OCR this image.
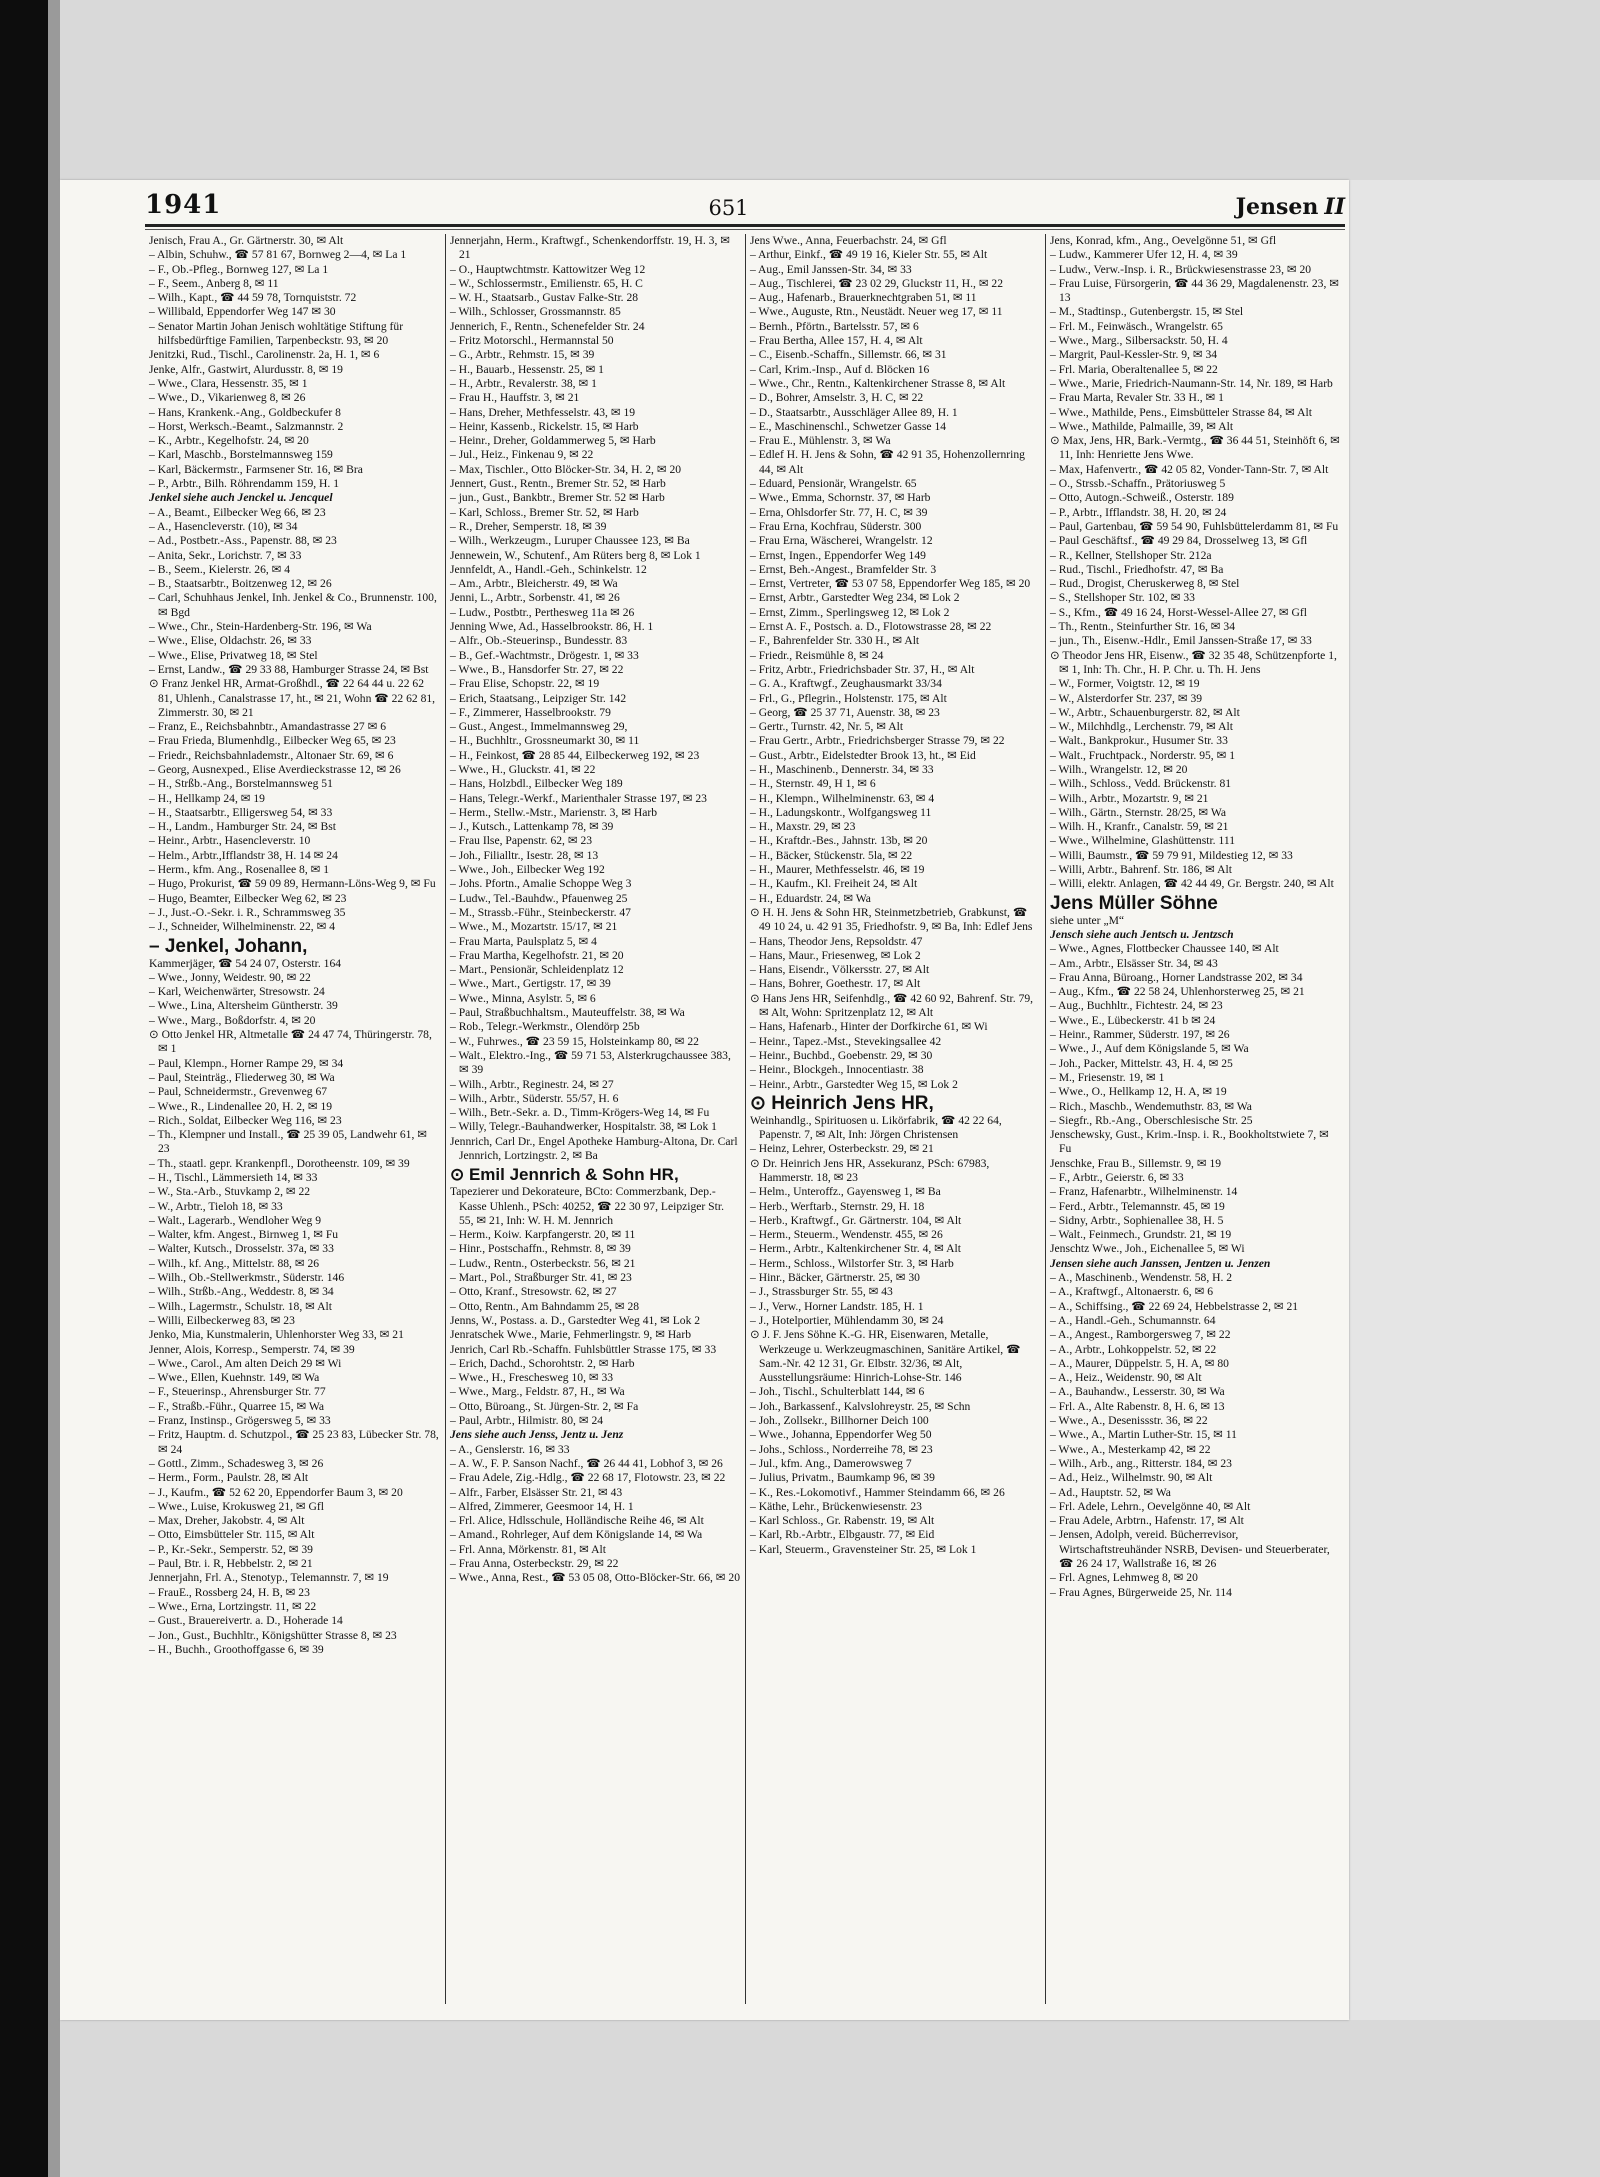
1941	651	Jensen II

Jenisch, Frau A., Gr. Gärtnerstr. 30, ✉ Alt

– Albin, Schuhw., ☎ 57 81 67, Bornweg 2—4, ✉ La 1

– F., Ob.-Pfleg., Bornweg 127, ✉ La 1

– F., Seem., Anberg 8, ✉ 11

– Wilh., Kapt., ☎ 44 59 78, Tornquiststr. 72

– Willibald, Eppendorfer Weg 147 ✉ 30

– Senator Martin Johan Jenisch wohltätige Stiftung für hilfsbedürftige Familien, Tarpenbeckstr. 93, ✉ 20

Jenitzki, Rud., Tischl., Carolinenstr. 2a, H. 1, ✉ 6

Jenke, Alfr., Gastwirt, Alurdusstr. 8, ✉ 19

– Wwe., Clara, Hessenstr. 35, ✉ 1

– Wwe., D., Vikarienweg 8, ✉ 26

– Hans, Krankenk.-Ang., Goldbeckufer 8

– Horst, Werksch.-Beamt., Salzmannstr. 2

– K., Arbtr., Kegelhofstr. 24, ✉ 20

– Karl, Maschb., Borstelmannsweg 159

– Karl, Bäckermstr., Farmsener Str. 16, ✉ Bra

– P., Arbtr., Bilh. Röhrendamm 159, H. 1

Jenkel siehe auch Jenckel u. Jencquel

– A., Beamt., Eilbecker Weg 66, ✉ 23

– A., Hasencleverstr. (10), ✉ 34

– Ad., Postbetr.-Ass., Papenstr. 88, ✉ 23

– Anita, Sekr., Lorichstr. 7, ✉ 33

– B., Seem., Kielerstr. 26, ✉ 4

– B., Staatsarbtr., Boitzenweg 12, ✉ 26

– Carl, Schuhhaus Jenkel, Inh. Jenkel & Co., Brunnenstr. 100, ✉ Bgd

– Wwe., Chr., Stein-Hardenberg-Str. 196, ✉ Wa

– Wwe., Elise, Oldachstr. 26, ✉ 33

– Wwe., Elise, Privatweg 18, ✉ Stel

– Ernst, Landw., ☎ 29 33 88, Hamburger Strasse 24, ✉ Bst

⊙ Franz Jenkel HR, Armat-Großhdl., ☎ 22 64 44 u. 22 62 81, Uhlenh., Canalstrasse 17, ht., ✉ 21, Wohn ☎ 22 62 81, Zimmerstr. 30, ✉ 21

– Franz, E., Reichsbahnbtr., Amandastrasse 27 ✉ 6

– Frau Frieda, Blumenhdlg., Eilbecker Weg 65, ✉ 23

– Friedr., Reichsbahnlademstr., Altonaer Str. 69, ✉ 6

– Georg, Ausnexped., Elise Averdieckstrasse 12, ✉ 26

– H., Strßb.-Ang., Borstelmannsweg 51

– H., Hellkamp 24, ✉ 19

– H., Staatsarbtr., Elligersweg 54, ✉ 33

– H., Landm., Hamburger Str. 24, ✉ Bst

– Heinr., Arbtr., Hasencleverstr. 10

– Helm., Arbtr.,Ifflandstr 38, H. 14 ✉ 24

– Herm., kfm. Ang., Rosenallee 8, ✉ 1

– Hugo, Prokurist, ☎ 59 09 89, Hermann-Löns-Weg 9, ✉ Fu

– Hugo, Beamter, Eilbecker Weg 62, ✉ 23

– J., Just.-O.-Sekr. i. R., Schrammsweg 35

– J., Schneider, Wilhelminenstr. 22, ✉ 4

– Jenkel, Johann,

Kammerjäger, ☎ 54 24 07, Osterstr. 164

– Wwe., Jonny, Weidestr. 90, ✉ 22

– Karl, Weichenwärter, Stresowstr. 24

– Wwe., Lina, Altersheim Güntherstr. 39

– Wwe., Marg., Boßdorfstr. 4, ✉ 20

⊙ Otto Jenkel HR, Altmetalle ☎ 24 47 74, Thüringerstr. 78, ✉ 1

– Paul, Klempn., Horner Rampe 29, ✉ 34

– Paul, Steinträg., Fliederweg 30, ✉ Wa

– Paul, Schneidermstr., Grevenweg 67

– Wwe., R., Lindenallee 20, H. 2, ✉ 19

– Rich., Soldat, Eilbecker Weg 116, ✉ 23

– Th., Klempner und Install., ☎ 25 39 05, Landwehr 61, ✉ 23

– Th., staatl. gepr. Krankenpfl., Dorotheenstr. 109, ✉ 39

– H., Tischl., Lämmersieth 14, ✉ 33

– W., Sta.-Arb., Stuvkamp 2, ✉ 22

– W., Arbtr., Tieloh 18, ✉ 33

– Walt., Lagerarb., Wendloher Weg 9

– Walter, kfm. Angest., Birnweg 1, ✉ Fu

– Walter, Kutsch., Drosselstr. 37a, ✉ 33

– Wilh., kf. Ang., Mittelstr. 88, ✉ 26

– Wilh., Ob.-Stellwerkmstr., Süderstr. 146

– Wilh., Strßb.-Ang., Weddestr. 8, ✉ 34

– Wilh., Lagermstr., Schulstr. 18, ✉ Alt

– Willi, Eilbeckerweg 83, ✉ 23

Jenko, Mia, Kunstmalerin, Uhlenhorster Weg 33, ✉ 21

Jenner, Alois, Korresp., Semperstr. 74, ✉ 39

– Wwe., Carol., Am alten Deich 29 ✉ Wi

– Wwe., Ellen, Kuehnstr. 149, ✉ Wa

– F., Steuerinsp., Ahrensburger Str. 77

– F., Straßb.-Führ., Quarree 15, ✉ Wa

– Franz, Instinsp., Grögersweg 5, ✉ 33

– Fritz, Hauptm. d. Schutzpol., ☎ 25 23 83, Lübecker Str. 78, ✉ 24

– Gottl., Zimm., Schadesweg 3, ✉ 26

– Herm., Form., Paulstr. 28, ✉ Alt

– J., Kaufm., ☎ 52 62 20, Eppendorfer Baum 3, ✉ 20

– Wwe., Luise, Krokusweg 21, ✉ Gfl

– Max, Dreher, Jakobstr. 4, ✉ Alt

– Otto, Eimsbütteler Str. 115, ✉ Alt

– P., Kr.-Sekr., Semperstr. 52, ✉ 39

– Paul, Btr. i. R, Hebbelstr. 2, ✉ 21

Jennerjahn, Frl. A., Stenotyp., Telemannstr. 7, ✉ 19

– FrauE., Rossberg 24, H. B, ✉ 23

– Wwe., Erna, Lortzingstr. 11, ✉ 22

– Gust., Brauereivertr. a. D., Hoherade 14

– Jon., Gust., Buchhltr., Königshütter Strasse 8, ✉ 23

– H., Buchh., Groothoffgasse 6, ✉ 39

Jennerjahn, Herm., Kraftwgf., Schenkendorffstr. 19, H. 3, ✉ 21

– O., Hauptwchtmstr. Kattowitzer Weg 12

– W., Schlossermstr., Emilienstr. 65, H. C

– W. H., Staatsarb., Gustav Falke-Str. 28

– Wilh., Schlosser, Grossmannstr. 85

Jennerich, F., Rentn., Schenefelder Str. 24

– Fritz Motorschl., Hermannstal 50

– G., Arbtr., Rehmstr. 15, ✉ 39

– H., Bauarb., Hessenstr. 25, ✉ 1

– H., Arbtr., Revalerstr. 38, ✉ 1

– Frau H., Hauffstr. 3, ✉ 21

– Hans, Dreher, Methfesselstr. 43, ✉ 19

– Heinr, Kassenb., Rickelstr. 15, ✉ Harb

– Heinr., Dreher, Goldammerweg 5, ✉ Harb

– Jul., Heiz., Finkenau 9, ✉ 22

– Max, Tischler., Otto Blöcker-Str. 34, H. 2, ✉ 20

Jennert, Gust., Rentn., Bremer Str. 52, ✉ Harb

– jun., Gust., Bankbtr., Bremer Str. 52 ✉ Harb

– Karl, Schloss., Bremer Str. 52, ✉ Harb

– R., Dreher, Semperstr. 18, ✉ 39

– Wilh., Werkzeugm., Luruper Chaussee 123, ✉ Ba

Jennewein, W., Schutenf., Am Rüters berg 8, ✉ Lok 1

Jennfeldt, A., Handl.-Geh., Schinkelstr. 12

– Am., Arbtr., Bleicherstr. 49, ✉ Wa

Jenni, L., Arbtr., Sorbenstr. 41, ✉ 26

– Ludw., Postbtr., Perthesweg 11a ✉ 26

Jenning Wwe, Ad., Hasselbrookstr. 86, H. 1

– Alfr., Ob.-Steuerinsp., Bundesstr. 83

– B., Gef.-Wachtmstr., Drögestr. 1, ✉ 33

– Wwe., B., Hansdorfer Str. 27, ✉ 22

– Frau Elise, Schopstr. 22, ✉ 19

– Erich, Staatsang., Leipziger Str. 142

– F., Zimmerer, Hasselbrookstr. 79

– Gust., Angest., Immelmannsweg 29,

– H., Buchhltr., Grossneumarkt 30, ✉ 11

– H., Feinkost, ☎ 28 85 44, Eilbeckerweg 192, ✉ 23

– Wwe., H., Gluckstr. 41, ✉ 22

– Hans, Holzbdl., Eilbecker Weg 189

– Hans, Telegr.-Werkf., Marienthaler Strasse 197, ✉ 23

– Herm., Stellw.-Mstr., Marienstr. 3, ✉ Harb

– J., Kutsch., Lattenkamp 78, ✉ 39

– Frau Ilse, Papenstr. 62, ✉ 23

– Joh., Filialltr., Isestr. 28, ✉ 13

– Wwe., Joh., Eilbecker Weg 192

– Johs. Pfortn., Amalie Schoppe Weg 3

– Ludw., Tel.-Bauhdw., Pfauenweg 25

– M., Strassb.-Führ., Steinbeckerstr. 47

– Wwe., M., Mozartstr. 15/17, ✉ 21

– Frau Marta, Paulsplatz 5, ✉ 4

– Frau Martha, Kegelhofstr. 21, ✉ 20

– Mart., Pensionär, Schleidenplatz 12

– Wwe., Mart., Gertigstr. 17, ✉ 39

– Wwe., Minna, Asylstr. 5, ✉ 6

– Paul, Straßbuchhaltsm., Mauteuffelstr. 38, ✉ Wa

– Rob., Telegr.-Werkmstr., Olendörp 25b

– W., Fuhrwes., ☎ 23 59 15, Holsteinkamp 80, ✉ 22

– Walt., Elektro.-Ing., ☎ 59 71 53, Alsterkrugchaussee 383, ✉ 39

– Wilh., Arbtr., Reginestr. 24, ✉ 27

– Wilh., Arbtr., Süderstr. 55/57, H. 6

– Wilh., Betr.-Sekr. a. D., Timm-Krögers-Weg 14, ✉ Fu

– Willy, Telegr.-Bauhandwerker, Hospitalstr. 38, ✉ Lok 1

Jennrich, Carl Dr., Engel Apotheke Hamburg-Altona, Dr. Carl Jennrich, Lortzingstr. 2, ✉ Ba

⊙ Emil Jennrich & Sohn HR,

Tapezierer und Dekorateure, BCto: Commerzbank, Dep.-Kasse Uhlenh., PSch: 40252, ☎ 22 30 97, Leipziger Str. 55, ✉ 21, Inh: W. H. M. Jennrich

– Herm., Koiw. Karpfangerstr. 20, ✉ 11

– Hinr., Postschaffn., Rehmstr. 8, ✉ 39

– Ludw., Rentn., Osterbeckstr. 56, ✉ 21

– Mart., Pol., Straßburger Str. 41, ✉ 23

– Otto, Kranf., Stresowstr. 62, ✉ 27

– Otto, Rentn., Am Bahndamm 25, ✉ 28

Jenns, W., Postass. a. D., Garstedter Weg 41, ✉ Lok 2

Jenratschek Wwe., Marie, Fehmerlingstr. 9, ✉ Harb

Jenrich, Carl Rb.-Schaffn. Fuhlsbüttler Strasse 175, ✉ 33

– Erich, Dachd., Schorohtstr. 2, ✉ Harb

– Wwe., H., Freschesweg 10, ✉ 33

– Wwe., Marg., Feldstr. 87, H., ✉ Wa

– Otto, Büroang., St. Jürgen-Str. 2, ✉ Fa

– Paul, Arbtr., Hilmistr. 80, ✉ 24

Jens siehe auch Jenss, Jentz u. Jenz

– A., Genslerstr. 16, ✉ 33

– A. W., F. P. Sanson Nachf., ☎ 26 44 41, Lobhof 3, ✉ 26

– Frau Adele, Zig.-Hdlg., ☎ 22 68 17, Flotowstr. 23, ✉ 22

– Alfr., Farber, Elsässer Str. 21, ✉ 43

– Alfred, Zimmerer, Geesmoor 14, H. 1

– Frl. Alice, Hdlsschule, Holländische Reihe 46, ✉ Alt

– Amand., Rohrleger, Auf dem Königslande 14, ✉ Wa

– Frl. Anna, Mörkenstr. 81, ✉ Alt

– Frau Anna, Osterbeckstr. 29, ✉ 22

– Wwe., Anna, Rest., ☎ 53 05 08, Otto-Blöcker-Str. 66, ✉ 20

Jens Wwe., Anna, Feuerbachstr. 24, ✉ Gfl

– Arthur, Einkf., ☎ 49 19 16, Kieler Str. 55, ✉ Alt

– Aug., Emil Janssen-Str. 34, ✉ 33

– Aug., Tischlerei, ☎ 23 02 29, Gluckstr 11, H., ✉ 22

– Aug., Hafenarb., Brauerknechtgraben 51, ✉ 11

– Wwe., Auguste, Rtn., Neustädt. Neuer weg 17, ✉ 11

– Bernh., Pförtn., Bartelsstr. 57, ✉ 6

– Frau Bertha, Allee 157, H. 4, ✉ Alt

– C., Eisenb.-Schaffn., Sillemstr. 66, ✉ 31

– Carl, Krim.-Insp., Auf d. Blöcken 16

– Wwe., Chr., Rentn., Kaltenkirchener Strasse 8, ✉ Alt

– D., Bohrer, Amselstr. 3, H. C, ✉ 22

– D., Staatsarbtr., Ausschläger Allee 89, H. 1

– E., Maschinenschl., Schwetzer Gasse 14

– Frau E., Mühlenstr. 3, ✉ Wa

– Edlef H. H. Jens & Sohn, ☎ 42 91 35, Hohenzollernring 44, ✉ Alt

– Eduard, Pensionär, Wrangelstr. 65

– Wwe., Emma, Schornstr. 37, ✉ Harb

– Erna, Ohlsdorfer Str. 77, H. C, ✉ 39

– Frau Erna, Kochfrau, Süderstr. 300

– Frau Erna, Wäscherei, Wrangelstr. 12

– Ernst, Ingen., Eppendorfer Weg 149

– Ernst, Beh.-Angest., Bramfelder Str. 3

– Ernst, Vertreter, ☎ 53 07 58, Eppendorfer Weg 185, ✉ 20

– Ernst, Arbtr., Garstedter Weg 234, ✉ Lok 2

– Ernst, Zimm., Sperlingsweg 12, ✉ Lok 2

– Ernst A. F., Postsch. a. D., Flotowstrasse 28, ✉ 22

– F., Bahrenfelder Str. 330 H., ✉ Alt

– Friedr., Reismühle 8, ✉ 24

– Fritz, Arbtr., Friedrichsbader Str. 37, H., ✉ Alt

– G. A., Kraftwgf., Zeughausmarkt 33/34

– Frl., G., Pflegrin., Holstenstr. 175, ✉ Alt

– Georg, ☎ 25 37 71, Auenstr. 38, ✉ 23

– Gertr., Turnstr. 42, Nr. 5, ✉ Alt

– Frau Gertr., Arbtr., Friedrichsberger Strasse 79, ✉ 22

– Gust., Arbtr., Eidelstedter Brook 13, ht., ✉ Eid

– H., Maschinenb., Dennerstr. 34, ✉ 33

– H., Sternstr. 49, H 1, ✉ 6

– H., Klempn., Wilhelminenstr. 63, ✉ 4

– H., Ladungskontr., Wolfgangsweg 11

– H., Maxstr. 29, ✉ 23

– H., Kraftdr.-Bes., Jahnstr. 13b, ✉ 20

– H., Bäcker, Stückenstr. 5la, ✉ 22

– H., Maurer, Methfesselstr. 46, ✉ 19

– H., Kaufm., Kl. Freiheit 24, ✉ Alt

– H., Eduardstr. 24, ✉ Wa

⊙ H. H. Jens & Sohn HR, Steinmetzbetrieb, Grabkunst, ☎ 49 10 24, u. 42 91 35, Friedhofstr. 9, ✉ Ba, Inh: Edlef Jens

– Hans, Theodor Jens, Repsoldstr. 47

– Hans, Maur., Friesenweg, ✉ Lok 2

– Hans, Eisendr., Völkersstr. 27, ✉ Alt

– Hans, Bohrer, Goethestr. 17, ✉ Alt

⊙ Hans Jens HR, Seifenhdlg., ☎ 42 60 92, Bahrenf. Str. 79, ✉ Alt, Wohn: Spritzenplatz 12, ✉ Alt

– Hans, Hafenarb., Hinter der Dorfkirche 61, ✉ Wi

– Heinr., Tapez.-Mst., Stevekingsallee 42

– Heinr., Buchbd., Goebenstr. 29, ✉ 30

– Heinr., Blockgeh., Innocentiastr. 38

– Heinr., Arbtr., Garstedter Weg 15, ✉ Lok 2

⊙ Heinrich Jens HR,

Weinhandlg., Spirituosen u. Likörfabrik, ☎ 42 22 64, Papenstr. 7, ✉ Alt, Inh: Jörgen Christensen

– Heinz, Lehrer, Osterbeckstr. 29, ✉ 21

⊙ Dr. Heinrich Jens HR, Assekuranz, PSch: 67983, Hammerstr. 18, ✉ 23

– Helm., Unteroffz., Gayensweg 1, ✉ Ba

– Herb., Werftarb., Sternstr. 29, H. 18

– Herb., Kraftwgf., Gr. Gärtnerstr. 104, ✉ Alt

– Herm., Steuerm., Wendenstr. 455, ✉ 26

– Herm., Arbtr., Kaltenkirchener Str. 4, ✉ Alt

– Herm., Schloss., Wilstorfer Str. 3, ✉ Harb

– Hinr., Bäcker, Gärtnerstr. 25, ✉ 30

– J., Strassburger Str. 55, ✉ 43

– J., Verw., Horner Landstr. 185, H. 1

– J., Hotelportier, Mühlendamm 30, ✉ 24

⊙ J. F. Jens Söhne K.-G. HR, Eisenwaren, Metalle, Werkzeuge u. Werkzeugmaschinen, Sanitäre Artikel, ☎ Sam.-Nr. 42 12 31, Gr. Elbstr. 32/36, ✉ Alt, Ausstellungsräume: Hinrich-Lohse-Str. 146

– Joh., Tischl., Schulterblatt 144, ✉ 6

– Joh., Barkassenf., Kalvslohreystr. 25, ✉ Schn

– Joh., Zollsekr., Billhorner Deich 100

– Wwe., Johanna, Eppendorfer Weg 50

– Johs., Schloss., Norderreihe 78, ✉ 23

– Jul., kfm. Ang., Damerowsweg 7

– Julius, Privatm., Baumkamp 96, ✉ 39

– K., Res.-Lokomotivf., Hammer Steindamm 66, ✉ 26

– Käthe, Lehr., Brückenwiesenstr. 23

– Karl Schloss., Gr. Rabenstr. 19, ✉ Alt

– Karl, Rb.-Arbtr., Elbgaustr. 77, ✉ Eid

– Karl, Steuerm., Gravensteiner Str. 25, ✉ Lok 1

Jens, Konrad, kfm., Ang., Oevelgönne 51, ✉ Gfl

– Ludw., Kammerer Ufer 12, H. 4, ✉ 39

– Ludw., Verw.-Insp. i. R., Brückwiesenstrasse 23, ✉ 20

– Frau Luise, Fürsorgerin, ☎ 44 36 29, Magdalenenstr. 23, ✉ 13

– M., Stadtinsp., Gutenbergstr. 15, ✉ Stel

– Frl. M., Feinwäsch., Wrangelstr. 65

– Wwe., Marg., Silbersackstr. 50, H. 4

– Margrit, Paul-Kessler-Str. 9, ✉ 34

– Frl. Maria, Oberaltenallee 5, ✉ 22

– Wwe., Marie, Friedrich-Naumann-Str. 14, Nr. 189, ✉ Harb

– Frau Marta, Revaler Str. 33 H., ✉ 1

– Wwe., Mathilde, Pens., Eimsbütteler Strasse 84, ✉ Alt

– Wwe., Mathilde, Palmaille, 39, ✉ Alt

⊙ Max, Jens, HR, Bark.-Vermtg., ☎ 36 44 51, Steinhöft 6, ✉ 11, Inh: Henriette Jens Wwe.

– Max, Hafenvertr., ☎ 42 05 82, Vonder-Tann-Str. 7, ✉ Alt

– O., Strssb.-Schaffn., Prätoriusweg 5

– Otto, Autogn.-Schweiß., Osterstr. 189

– P., Arbtr., Ifflandstr. 38, H. 20, ✉ 24

– Paul, Gartenbau, ☎ 59 54 90, Fuhlsbüttelerdamm 81, ✉ Fu

– Paul Geschäftsf., ☎ 49 29 84, Drosselweg 13, ✉ Gfl

– R., Kellner, Stellshoper Str. 212a

– Rud., Tischl., Friedhofstr. 47, ✉ Ba

– Rud., Drogist, Cheruskerweg 8, ✉ Stel

– S., Stellshoper Str. 102, ✉ 33

– S., Kfm., ☎ 49 16 24, Horst-Wessel-Allee 27, ✉ Gfl

– Th., Rentn., Steinfurther Str. 16, ✉ 34

– jun., Th., Eisenw.-Hdlr., Emil Janssen-Straße 17, ✉ 33

⊙ Theodor Jens HR, Eisenw., ☎ 32 35 48, Schützenpforte 1, ✉ 1, Inh: Th. Chr., H. P. Chr. u. Th. H. Jens

– W., Former, Voigtstr. 12, ✉ 19

– W., Alsterdorfer Str. 237, ✉ 39

– W., Arbtr., Schauenburgerstr. 82, ✉ Alt

– W., Milchhdlg., Lerchenstr. 79, ✉ Alt

– Walt., Bankprokur., Husumer Str. 33

– Walt., Fruchtpack., Norderstr. 95, ✉ 1

– Wilh., Wrangelstr. 12, ✉ 20

– Wilh., Schloss., Vedd. Brückenstr. 81

– Wilh., Arbtr., Mozartstr. 9, ✉ 21

– Wilh., Gärtn., Sternstr. 28/25, ✉ Wa

– Wilh. H., Kranfr., Canalstr. 59, ✉ 21

– Wwe., Wilhelmine, Glashüttenstr. 111

– Willi, Baumstr., ☎ 59 79 91, Mildestieg 12, ✉ 33

– Willi, Arbtr., Bahrenf. Str. 186, ✉ Alt

– Willi, elektr. Anlagen, ☎ 42 44 49, Gr. Bergstr. 240, ✉ Alt

Jens Müller Söhne

siehe unter „M“

Jensch siehe auch Jentsch u. Jentzsch

– Wwe., Agnes, Flottbecker Chaussee 140, ✉ Alt

– Am., Arbtr., Elsässer Str. 34, ✉ 43

– Frau Anna, Büroang., Horner Landstrasse 202, ✉ 34

– Aug., Kfm., ☎ 22 58 24, Uhlenhorsterweg 25, ✉ 21

– Aug., Buchhltr., Fichtestr. 24, ✉ 23

– Wwe., E., Lübeckerstr. 41 b ✉ 24

– Heinr., Rammer, Süderstr. 197, ✉ 26

– Wwe., J., Auf dem Königslande 5, ✉ Wa

– Joh., Packer, Mittelstr. 43, H. 4, ✉ 25

– M., Friesenstr. 19, ✉ 1

– Wwe., O., Hellkamp 12, H. A, ✉ 19

– Rich., Maschb., Wendemuthstr. 83, ✉ Wa

– Siegfr., Rb.-Ang., Oberschlesische Str. 25

Jenschewsky, Gust., Krim.-Insp. i. R., Bookholtstwiete 7, ✉ Fu

Jenschke, Frau B., Sillemstr. 9, ✉ 19

– F., Arbtr., Geierstr. 6, ✉ 33

– Franz, Hafenarbtr., Wilhelminenstr. 14

– Ferd., Arbtr., Telemannstr. 45, ✉ 19

– Sidny, Arbtr., Sophienallee 38, H. 5

– Walt., Feinmech., Grundstr. 21, ✉ 19

Jenschtz Wwe., Joh., Eichenallee 5, ✉ Wi

Jensen siehe auch Janssen, Jentzen u. Jenzen

– A., Maschinenb., Wendenstr. 58, H. 2

– A., Kraftwgf., Altonaerstr. 6, ✉ 6

– A., Schiffsing., ☎ 22 69 24, Hebbelstrasse 2, ✉ 21

– A., Handl.-Geh., Schumannstr. 64

– A., Angest., Ramborgersweg 7, ✉ 22

– A., Arbtr., Lohkoppelstr. 52, ✉ 22

– A., Maurer, Düppelstr. 5, H. A, ✉ 80

– A., Heiz., Weidenstr. 90, ✉ Alt

– A., Bauhandw., Lesserstr. 30, ✉ Wa

– Frl. A., Alte Rabenstr. 8, H. 6, ✉ 13

– Wwe., A., Desenissstr. 36, ✉ 22

– Wwe., A., Martin Luther-Str. 15, ✉ 11

– Wwe., A., Mesterkamp 42, ✉ 22

– Wilh., Arb., ang., Ritterstr. 184, ✉ 23

– Ad., Heiz., Wilhelmstr. 90, ✉ Alt

– Ad., Hauptstr. 52, ✉ Wa

– Frl. Adele, Lehrn., Oevelgönne 40, ✉ Alt

– Frau Adele, Arbtrn., Hafenstr. 17, ✉ Alt

– Jensen, Adolph, vereid. Bücherrevisor, Wirtschaftstreuhänder NSRB, Devisen- und Steuerberater, ☎ 26 24 17, Wallstraße 16, ✉ 26

– Frl. Agnes, Lehmweg 8, ✉ 20

– Frau Agnes, Bürgerweide 25, Nr. 114
